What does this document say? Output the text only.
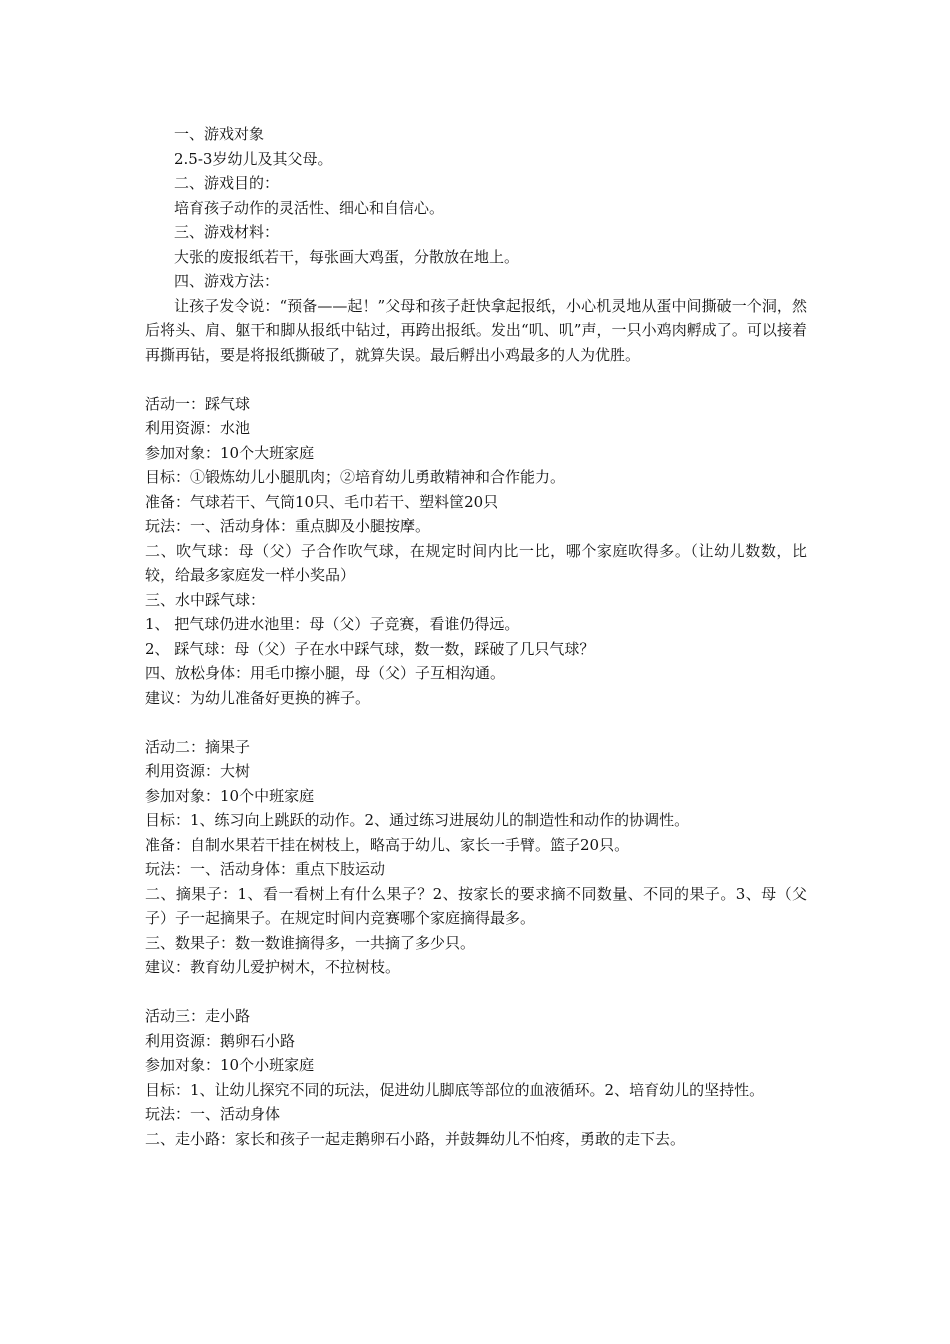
一、游戏对象

2.5-3岁幼儿及其父母。

二、游戏目的：

培育孩子动作的灵活性、细心和自信心。

三、游戏材料：

大张的废报纸若干，每张画大鸡蛋，分散放在地上。

四、游戏方法：

让孩子发令说：“预备——起！”父母和孩子赶快拿起报纸，小心机灵地从蛋中间撕破一个洞，然后将头、肩、躯干和脚从报纸中钻过，再跨出报纸。发出“叽、叽”声，一只小鸡肉孵成了。可以接着再撕再钻，要是将报纸撕破了，就算失误。最后孵出小鸡最多的人为优胜。

活动一：踩气球

利用资源：水池

参加对象：10个大班家庭

目标：①锻炼幼儿小腿肌肉；②培育幼儿勇敢精神和合作能力。

准备：气球若干、气筒10只、毛巾若干、塑料筐20只

玩法：一、活动身体：重点脚及小腿按摩。

二、吹气球：母（父）子合作吹气球，在规定时间内比一比，哪个家庭吹得多。（让幼儿数数，比较，给最多家庭发一样小奖品）

三、水中踩气球：

1、 把气球仍进水池里：母（父）子竞赛，看谁仍得远。

2、 踩气球：母（父）子在水中踩气球，数一数，踩破了几只气球？

四、放松身体：用毛巾擦小腿，母（父）子互相沟通。

建议：为幼儿准备好更换的裤子。

活动二：摘果子

利用资源：大树

参加对象：10个中班家庭

目标：1、练习向上跳跃的动作。2、通过练习进展幼儿的制造性和动作的协调性。

准备：自制水果若干挂在树枝上，略高于幼儿、家长一手臂。篮子20只。

玩法：一、活动身体：重点下肢运动

二、摘果子：1、看一看树上有什么果子？2、按家长的要求摘不同数量、不同的果子。3、母（父子）子一起摘果子。在规定时间内竞赛哪个家庭摘得最多。

三、数果子：数一数谁摘得多，一共摘了多少只。

建议：教育幼儿爱护树木，不拉树枝。

活动三：走小路

利用资源：鹅卵石小路

参加对象：10个小班家庭

目标：1、让幼儿探究不同的玩法，促进幼儿脚底等部位的血液循环。2、培育幼儿的坚持性。

玩法：一、活动身体

二、走小路：家长和孩子一起走鹅卵石小路，并鼓舞幼儿不怕疼，勇敢的走下去。
